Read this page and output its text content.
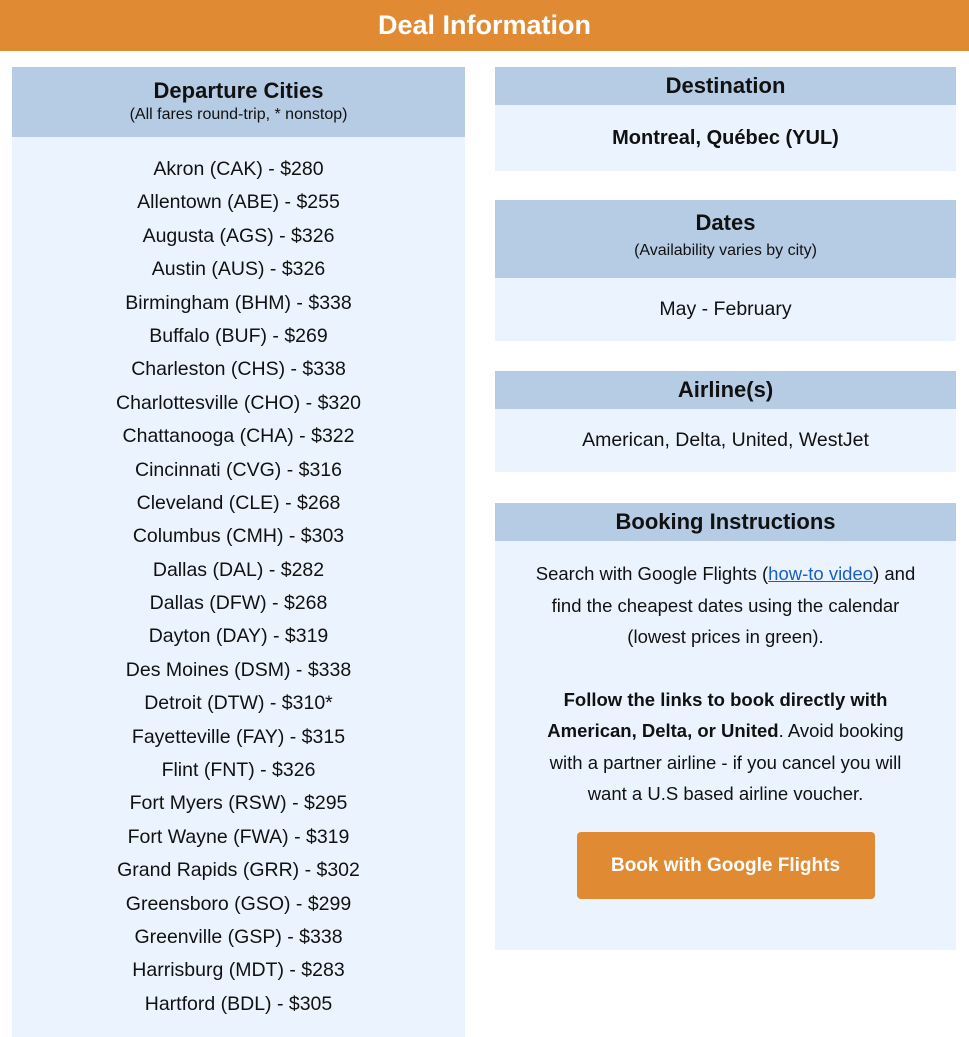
Deal Information
Departure Cities
(All fares round-trip, * nonstop)
Akron (CAK) - $280
Allentown (ABE) - $255
Augusta (AGS) - $326
Austin (AUS) - $326
Birmingham (BHM) - $338
Buffalo (BUF) - $269
Charleston (CHS) - $338
Charlottesville (CHO) - $320
Chattanooga (CHA) - $322
Cincinnati (CVG) - $316
Cleveland (CLE) - $268
Columbus (CMH) - $303
Dallas (DAL) - $282
Dallas (DFW) - $268
Dayton (DAY) - $319
Des Moines (DSM) - $338
Detroit (DTW) - $310*
Fayetteville (FAY) - $315
Flint (FNT) - $326
Fort Myers (RSW) - $295
Fort Wayne (FWA) - $319
Grand Rapids (GRR) - $302
Greensboro (GSO) - $299
Greenville (GSP) - $338
Harrisburg (MDT) - $283
Hartford (BDL) - $305
Destination
Montreal, Québec (YUL)
Dates
(Availability varies by city)
May - February
Airline(s)
American, Delta, United, WestJet
Booking Instructions
Search with Google Flights (how-to video) and find the cheapest dates using the calendar (lowest prices in green).
Follow the links to book directly with American, Delta, or United. Avoid booking with a partner airline - if you cancel you will want a U.S based airline voucher.
Book with Google Flights
